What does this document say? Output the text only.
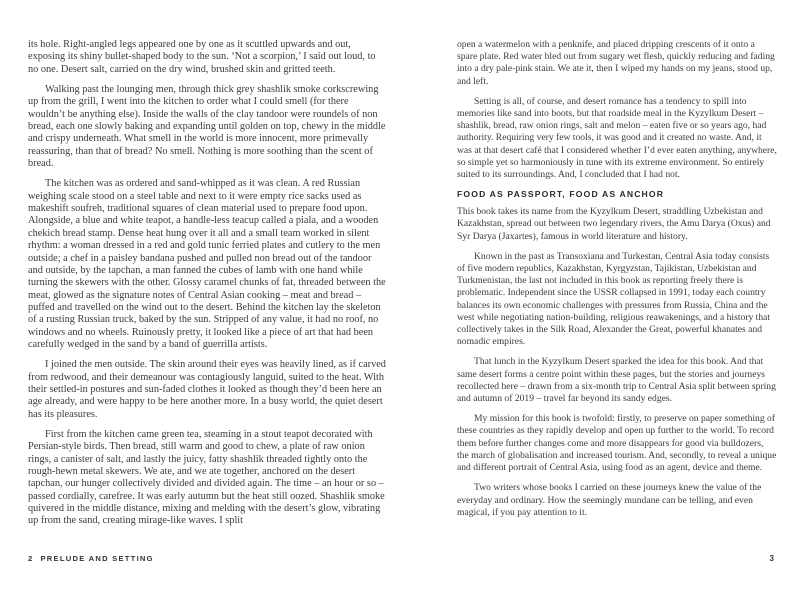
its hole. Right-angled legs appeared one by one as it scuttled upwards and out, exposing its shiny bullet-shaped body to the sun. ‘Not a scorpion,’ I said out loud, to no one. Desert salt, carried on the dry wind, brushed skin and gritted teeth.

Walking past the lounging men, through thick grey shashlik smoke corkscrewing up from the grill, I went into the kitchen to order what I could smell (for there wouldn’t be anything else). Inside the walls of the clay tandoor were roundels of non bread, each one slowly baking and expanding until golden on top, chewy in the middle and crispy underneath. What smell in the world is more innocent, more primevally reassuring, than that of bread? No smell. Nothing is more soothing than the scent of bread.

The kitchen was as ordered and sand-whipped as it was clean. A red Russian weighing scale stood on a steel table and next to it were empty rice sacks used as makeshift soufreh, traditional squares of clean material used to prepare food upon. Alongside, a blue and white teapot, a handle-less teacup called a piala, and a wooden chekich bread stamp. Dense heat hung over it all and a small team worked in silent rhythm: a woman dressed in a red and gold tunic ferried plates and cutlery to the men outside; a chef in a paisley bandana pushed and pulled non bread out of the tandoor and outside, by the tapchan, a man fanned the cubes of lamb with one hand while turning the skewers with the other. Glossy caramel chunks of fat, threaded between the meat, glowed as the signature notes of Central Asian cooking – meat and bread – puffed and travelled on the wind out to the desert. Behind the kitchen lay the skeleton of a rusting Russian truck, baked by the sun. Stripped of any value, it had no roof, no windows and no wheels. Ruinously pretty, it looked like a piece of art that had been carefully wedged in the sand by a band of guerrilla artists.

I joined the men outside. The skin around their eyes was heavily lined, as if carved from redwood, and their demeanour was contagiously languid, suited to the heat. With their settled-in postures and sun-faded clothes it looked as though they’d been here an age already, and were happy to be here another more. In a busy world, the quiet desert has its pleasures.

First from the kitchen came green tea, steaming in a stout teapot decorated with Persian-style birds. Then bread, still warm and good to chew, a plate of raw onion rings, a canister of salt, and lastly the juicy, fatty shashlik threaded tightly onto the rough-hewn metal skewers. We ate, and we ate together, anchored on the desert tapchan, our hunger collectively divided and divided again. The time – an hour or so – passed cordially, carefree. It was early autumn but the heat still oozed. Shashlik smoke quivered in the middle distance, mixing and melding with the desert’s glow, vibrating up from the sand, creating mirage-like waves. I split

open a watermelon with a penknife, and placed dripping crescents of it onto a spare plate. Red water bled out from sugary wet flesh, quickly reducing and fading into a dry pale-pink stain. We ate it, then I wiped my hands on my jeans, stood up, and left.

Setting is all, of course, and desert romance has a tendency to spill into memories like sand into boots, but that roadside meal in the Kyzylkum Desert – shashlik, bread, raw onion rings, salt and melon – eaten five or so years ago, had authority. Requiring very few tools, it was good and it created no waste. And, it was at that desert café that I considered whether I’d ever eaten anything, anywhere, so simple yet so harmoniously in tune with its extreme environment. So entirely suited to its surroundings. And, I concluded that I had not.

FOOD AS PASSPORT, FOOD AS ANCHOR

This book takes its name from the Kyzylkum Desert, straddling Uzbekistan and Kazakhstan, spread out between two legendary rivers, the Amu Darya (Oxus) and Syr Darya (Jaxartes), famous in world literature and history.

Known in the past as Transoxiana and Turkestan, Central Asia today consists of five modern republics, Kazakhstan, Kyrgyzstan, Tajikistan, Uzbekistan and Turkmenistan, the last not included in this book as reporting freely there is problematic. Independent since the USSR collapsed in 1991, today each country balances its own economic challenges with pressures from Russia, China and the west while negotiating nation-building, religious reawakenings, and a history that collectively takes in the Silk Road, Alexander the Great, powerful khanates and nomadic empires.

That lunch in the Kyzylkum Desert sparked the idea for this book. And that same desert forms a centre point within these pages, but the stories and journeys recollected here – drawn from a six-month trip to Central Asia split between spring and autumn of 2019 – travel far beyond its sandy edges.

My mission for this book is twofold: firstly, to preserve on paper something of these countries as they rapidly develop and open up further to the world. To record them before further changes come and more disappears for good via bulldozers, the march of globalisation and increased tourism. And, secondly, to reveal a unique and different portrait of Central Asia, using food as an agent, device and theme.

Two writers whose books I carried on these journeys knew the value of the everyday and ordinary. How the seemingly mundane can be telling, and even magical, if you pay attention to it.

2 PRELUDE AND SETTING	3
